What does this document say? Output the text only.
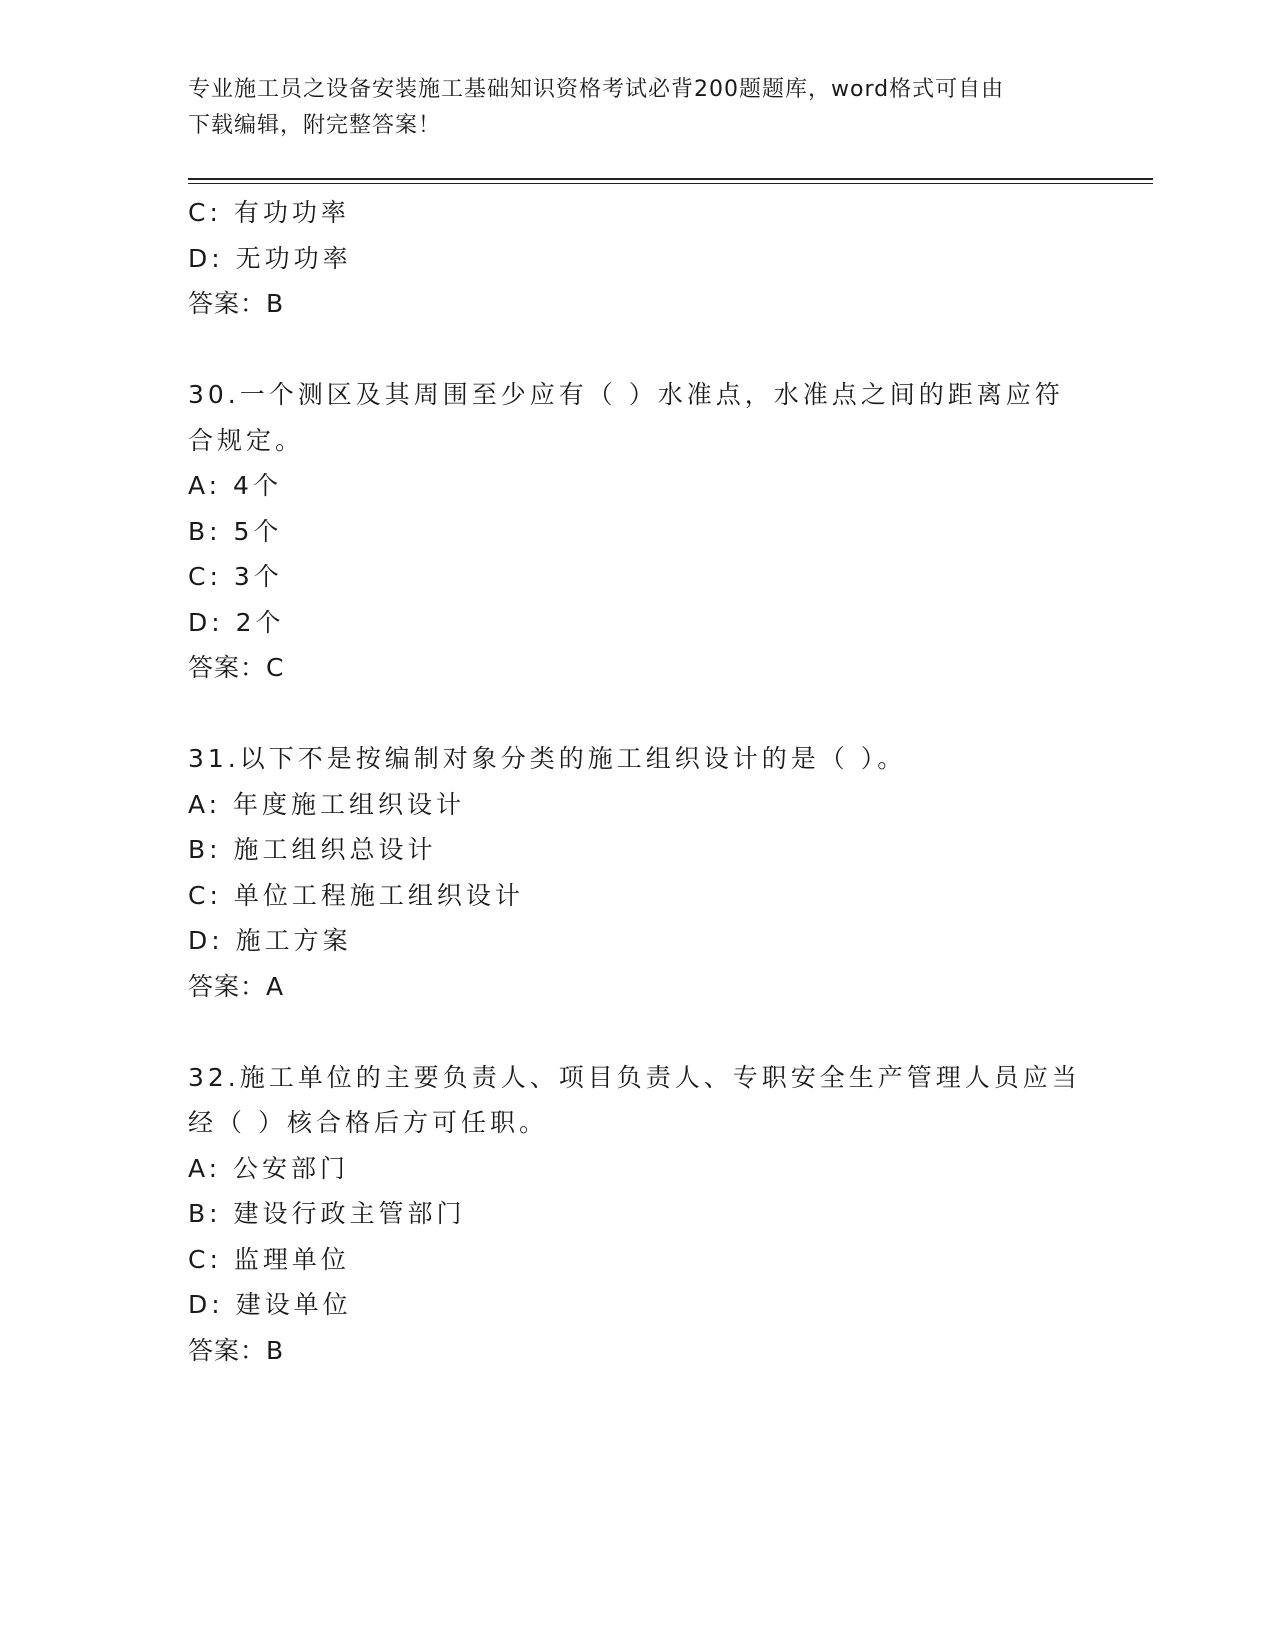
专业施工员之设备安装施工基础知识资格考试必背200题题库，word格式可自由
下载编辑，附完整答案！
C: 有功功率
D: 无功功率
答案：B
30.一个测区及其周围至少应有（ ）水准点，水准点之间的距离应符
合规定。
A: 4个
B: 5个
C: 3个
D: 2个
答案：C
31.以下不是按编制对象分类的施工组织设计的是（ ）。
A: 年度施工组织设计
B: 施工组织总设计
C: 单位工程施工组织设计
D: 施工方案
答案：A
32.施工单位的主要负责人、项目负责人、专职安全生产管理人员应当
经（ ）核合格后方可任职。
A: 公安部门
B: 建设行政主管部门
C: 监理单位
D: 建设单位
答案：B
